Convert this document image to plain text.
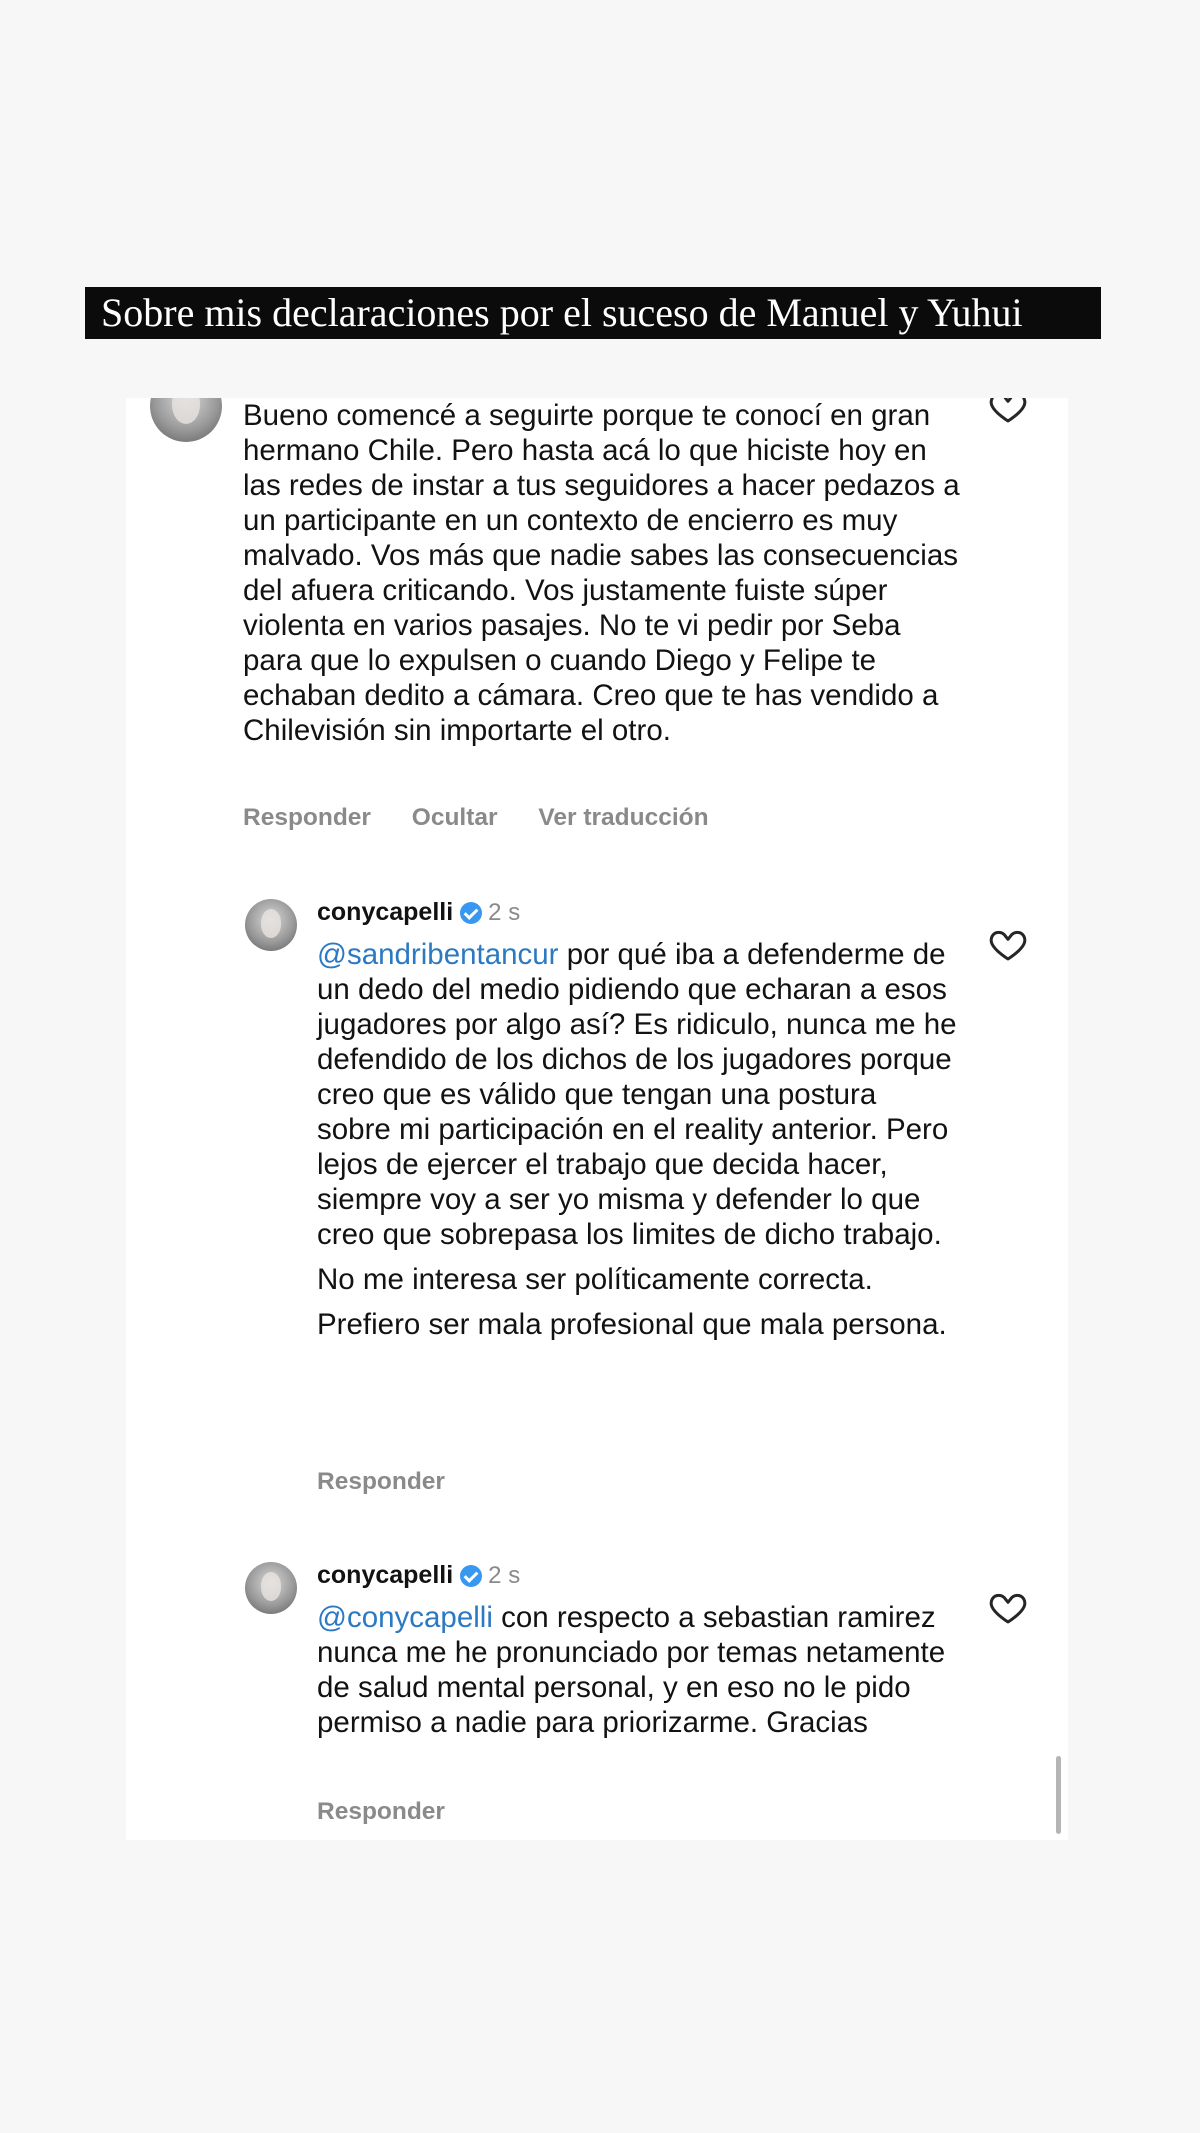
Sobre mis declaraciones por el suceso de Manuel y Yuhui

Bueno comencé a seguirte porque te conocí en gran hermano Chile. Pero hasta acá lo que hiciste hoy en las redes de instar a tus seguidores a hacer pedazos a un participante en un contexto de encierro es muy malvado. Vos más que nadie sabes las consecuencias del afuera criticando. Vos justamente fuiste súper violenta en varios pasajes. No te vi pedir por Seba para que lo expulsen o cuando Diego y Felipe te echaban dedito a cámara. Creo que te has vendido a Chilevisión sin importarte el otro.

Responder Ocultar Ver traducción
conycapelli 2 s

@sandribentancur por qué iba a defenderme de un dedo del medio pidiendo que echaran a esos jugadores por algo así? Es ridiculo, nunca me he defendido de los dichos de los jugadores porque creo que es válido que tengan una postura sobre mi participación en el reality anterior. Pero lejos de ejercer el trabajo que decida hacer, siempre voy a ser yo misma y defender lo que creo que sobrepasa los limites de dicho trabajo.

No me interesa ser políticamente correcta.

Prefiero ser mala profesional que mala persona.

Responder
conycapelli 2 s

@conycapelli con respecto a sebastian ramirez nunca me he pronunciado por temas netamente de salud mental personal, y en eso no le pido permiso a nadie para priorizarme. Gracias

Responder
